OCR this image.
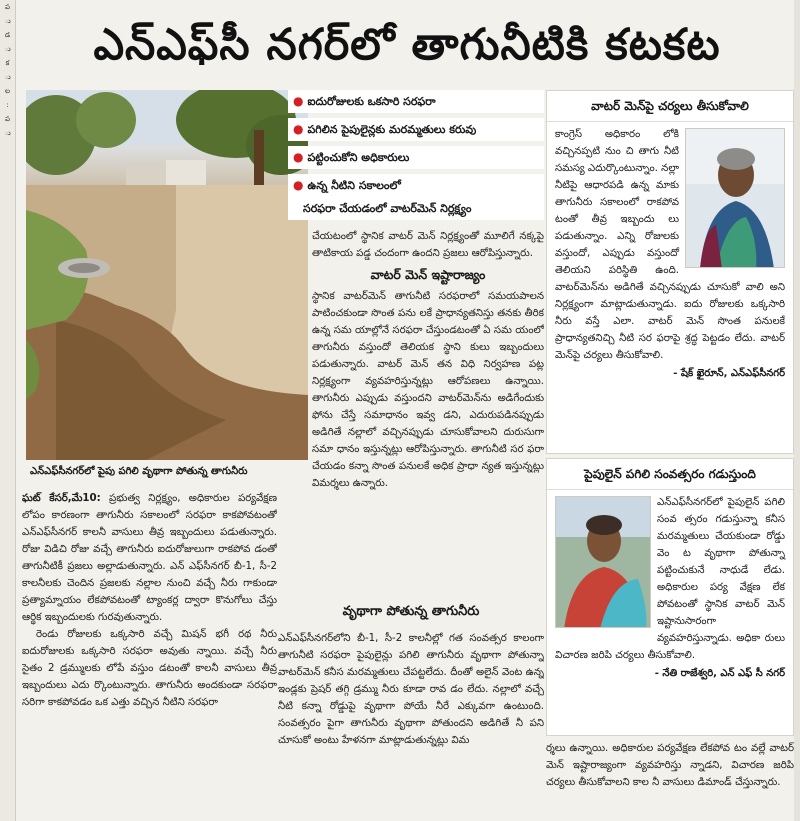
ప
ు
డ
ు
క
ు
ల
:
ప
ు
ఎన్‌ఎఫ్‌సీ నగర్‌లో తాగునీటికి కటకట
ఎన్‌ఎఫ్‌సీనగర్‌లో పైపు పగిలి వృథాగా పోతున్న తాగునీరు
● ఐదురోజులకు ఒకసారి సరఫరా
● పగిలిన పైపులైన్లకు మరమ్మతులు కరువు
● పట్టించుకోని అధికారులు
● ఉన్న నీటిని సకాలంలో
సరఫరా చేయడంలో వాటర్‌మెన్ నిర్లక్ష్యం

చేయటంలో స్థానిక వాటర్ మెన్ నిర్లక్ష్యంతో మూలిగే నక్కపై తాటికాయ పడ్డ చందంగా ఉందని ప్రజలు ఆరోపిస్తున్నారు.

వాటర్ మెన్ ఇష్టారాజ్యం

స్థానిక వాటర్‌మెన్ తాగునీటి సరఫరాలో సమయపాలన పాటించకుండా సొంత పను లకే ప్రాధాన్యతనిస్తు తనకు తీరిక ఉన్న సమ యాల్లోనే సరఫరా చేస్తుండటంతో ఏ సమ యంలో తాగునీరు వస్తుందో తెలియక స్థాని కులు ఇబ్బందులు పడుతున్నారు. వాటర్ మెన్ తన విధి నిర్వహణ పట్ల నిర్లక్ష్యంగా వ్యవహరిస్తున్నట్లు ఆరోపణలు ఉన్నాయి. తాగునీరు ఎప్పుడు వస్తుందని వాటర్‌మెన్‌ను అడిగేందుకు ఫోను చేస్తే సమాధానం ఇవ్వ డని, ఎదురుపడినప్పుడు అడిగితే నల్లాలో వచ్చినప్పుడు చూసుకోవాలని దురుసుగా సమా ధానం ఇస్తున్నట్లు ఆరోపిస్తున్నారు. తాగునీటి సర ఫరా చేయడం కన్నా సొంత పనులకే అధిక ప్రాధా న్యత ఇస్తున్నట్లు విమర్శలు ఉన్నారు.

వృథాగా పోతున్న తాగునీరు

ఎన్ఎఫ్‌సీనగర్‌లోని బీ-1, సీ-2 కాలనీల్లో గత సంవత్సర కాలంగా తాగునీటి సరఫరా పైపులైన్లు పగిలి తాగునీరు వృథాగా పోతున్నా వాటర్‌మెన్ కనీస మరమ్మతులు చేపట్టలేదు. దీంతో అలైన్ వెంట ఉన్న ఇండ్లకు ప్రెషర్ తగ్గి డ్రమ్ము నీరు కూడా రావ డం లేదు. నల్లాలో వచ్చే నీటి కన్నా రోడ్డుపై వృథాగా పోయే నీరే ఎక్కువగా ఉంటుంది. సంవత్సరం పైగా తాగునీరు వృథాగా పోతుందని అడిగితే నీ పని చూసుకో అంటు హేళనగా మాట్లాడుతున్నట్లు విమ

ఘట్ కేసర్,మే10: ప్రభుత్వ నిర్లక్ష్యం, అధికారుల పర్యవేక్షణ లోపం కారణంగా తాగునీరు సకాలంలో సరఫరా కాకపోవటంతో ఎన్ఎఫ్‌సీనగర్ కాలనీ వాసులు తీవ్ర ఇబ్బందులు పడుతున్నారు. రోజు విడిచి రోజు వచ్చే తాగునీరు ఐదురోజులుగా రాకపోవ డంతో తాగునీటికీ ప్రజలు అల్లాడుతున్నారు. ఎన్ ఎఫ్‌సీనగర్ బీ-1, సీ-2 కాలనీలకు చెందిన ప్రజలకు నల్లాల నుంచి వచ్చే నీరు గాకుండా ప్రత్యామ్నాయం లేకపోవటంతో ట్యాంకర్ల ద్వారా కొనుగోలు చేస్తు ఆర్థిక ఇబ్బందులకు గురవుతున్నారు.

రెండు రోజులకు ఒక్కసారి వచ్చే మిషన్ భగీ రథ నీరు ఐదురోజులకు ఒక్కసారి సరఫరా అవుతు న్నాయి. వచ్చే నీరు సైతం 2 డ్రమ్ములకు లోపే వస్తుం డటంతో కాలనీ వాసులు తీవ్ర ఇబ్బందులు ఎదు ర్కొంటున్నారు. తాగునీరు అందకుండా సరఫరా సరిగా కాకపోవడం ఒక ఎత్తు వచ్చిన నీటిని సరఫరా

వాటర్ మెన్‌పై చర్యలు తీసుకోవాలి
కాంగ్రెస్ అధికారం లోకి వచ్చినప్పటి నుం చి తాగు నీటి సమస్య ఎదుర్కొంటున్నాం. నల్లా నీటిపై ఆధారపడి ఉన్న మాకు తాగునీరు సకాలంలో రాకపోవ టంతో తీవ్ర ఇబ్బందు లు పడుతున్నాం. ఎన్ని రోజులకు వస్తుందో, ఎప్పుడు వస్తుందో తెలియని పరిస్థితి ఉంది. వాటర్‌మెన్‌ను అడిగితే వచ్చినప్పుడు చూసుకో వాలి అని నిర్లక్ష్యంగా మాట్లాడుతున్నాడు. ఐదు రోజులకు ఒక్కసారి నీరు వస్తే ఎలా. వాటర్ మెన్ సొంత పనులకే ప్రాధాన్యతనిచ్చి నీటి సర ఫరాపై శ్రద్ధ పెట్టడం లేదు. వాటర్ మెన్‌పై చర్యలు తీసుకోవాలి.
- షేక్ ఖైరూన్, ఎన్ఎఫ్‌సీనగర్
పైపులైన్ పగిలి సంవత్సరం గడుస్తుంది
ఎన్ఎఫ్‌సీనగర్‌లో పైపులైన్ పగిలి సంవ త్సరం గడుస్తున్నా కనీస మరమ్మతులు చేయకుండా రోడ్డు వెం ట వృథాగా పోతున్నా పట్టించుకునే నాధుడే లేడు. అధికారుల పర్య వేక్షణ లేక పోవటంతో స్థానిక వాటర్ మెన్ ఇష్టానుసారంగా వ్యవహరిస్తున్నాడు. అధికా రులు విచారణ జరిపి చర్యలు తీసుకోవాలి.
- నేతి రాజేశ్వరి, ఎన్ ఎఫ్ సీ నగర్

ర్శలు ఉన్నాయి. అధికారుల పర్యవేక్షణ లేకపోవ టం వల్లే వాటర్ మెన్ ఇష్టారాజ్యంగా వ్యవహరిస్తు న్నాడని, విచారణ జరిపి చర్యలు తీసుకోవాలని కాల నీ వాసులు డిమాండ్ చేస్తున్నారు.
